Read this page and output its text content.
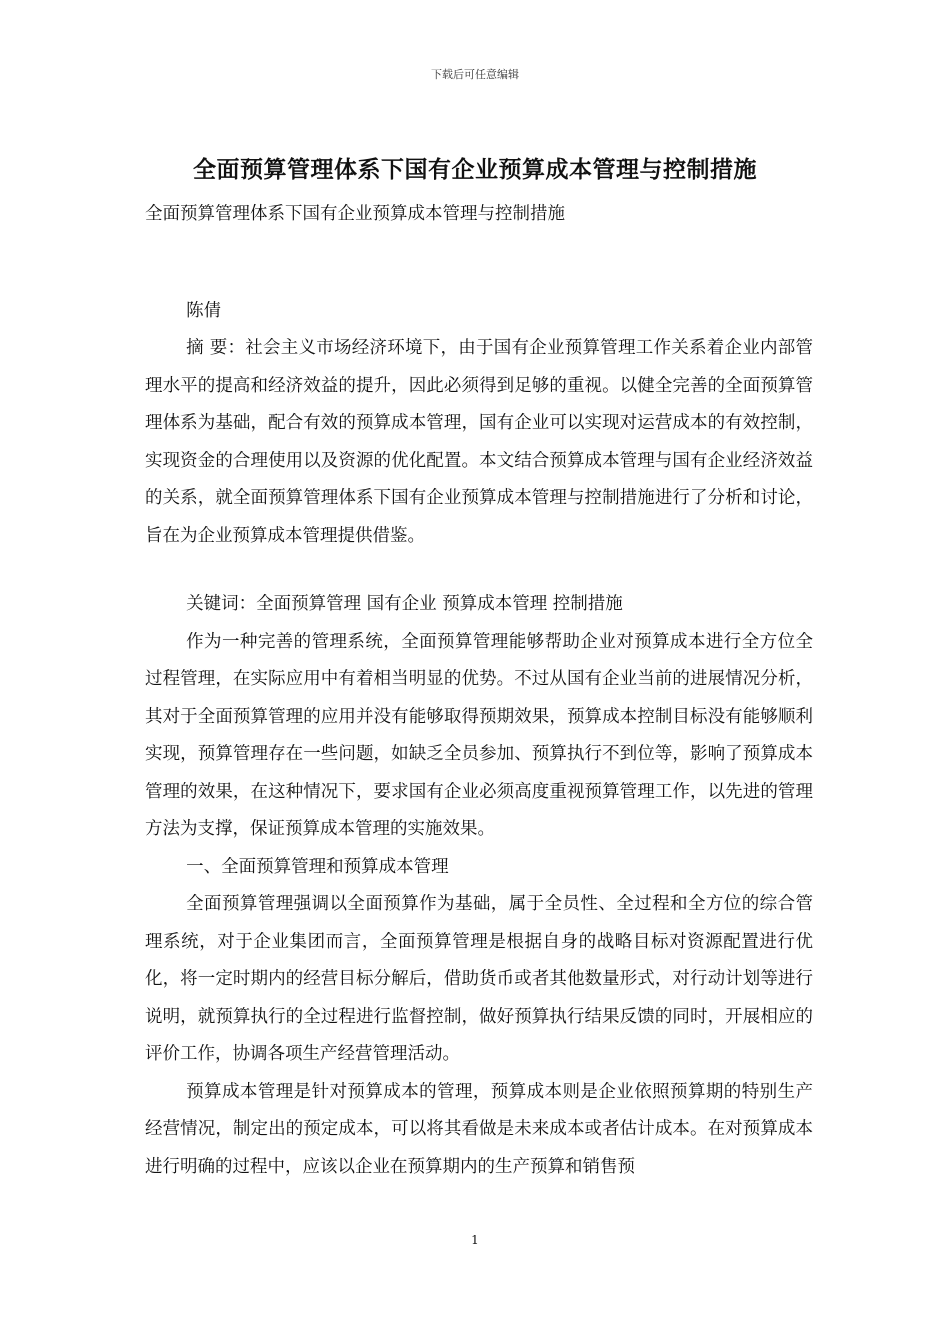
下载后可任意编辑
全面预算管理体系下国有企业预算成本管理与控制措施

全面预算管理体系下国有企业预算成本管理与控制措施

陈倩

摘 要：社会主义市场经济环境下，由于国有企业预算管理工作关系着企业内部管理水平的提高和经济效益的提升，因此必须得到足够的重视。以健全完善的全面预算管理体系为基础，配合有效的预算成本管理，国有企业可以实现对运营成本的有效控制，实现资金的合理使用以及资源的优化配置。本文结合预算成本管理与国有企业经济效益的关系，就全面预算管理体系下国有企业预算成本管理与控制措施进行了分析和讨论，旨在为企业预算成本管理提供借鉴。

关键词：全面预算管理 国有企业 预算成本管理 控制措施

作为一种完善的管理系统，全面预算管理能够帮助企业对预算成本进行全方位全过程管理，在实际应用中有着相当明显的优势。不过从国有企业当前的进展情况分析，其对于全面预算管理的应用并没有能够取得预期效果，预算成本控制目标没有能够顺利实现，预算管理存在一些问题，如缺乏全员参加、预算执行不到位等，影响了预算成本管理的效果，在这种情况下，要求国有企业必须高度重视预算管理工作，以先进的管理方法为支撑，保证预算成本管理的实施效果。

一、全面预算管理和预算成本管理

全面预算管理强调以全面预算作为基础，属于全员性、全过程和全方位的综合管理系统，对于企业集团而言，全面预算管理是根据自身的战略目标对资源配置进行优化，将一定时期内的经营目标分解后，借助货币或者其他数量形式，对行动计划等进行说明，就预算执行的全过程进行监督控制，做好预算执行结果反馈的同时，开展相应的评价工作，协调各项生产经营管理活动。

预算成本管理是针对预算成本的管理，预算成本则是企业依照预算期的特别生产经营情况，制定出的预定成本，可以将其看做是未来成本或者估计成本。在对预算成本进行明确的过程中，应该以企业在预算期内的生产预算和销售预

1
